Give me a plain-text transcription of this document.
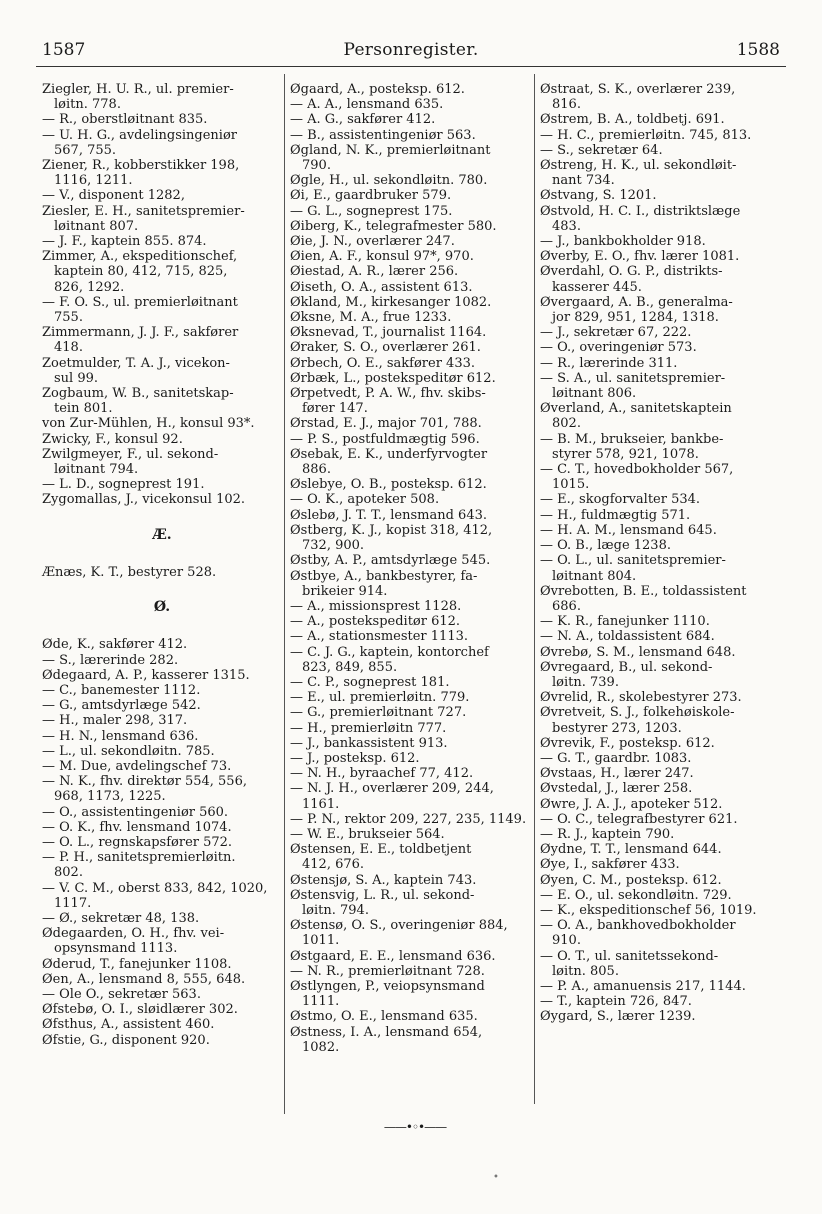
1587	Personregister.	1588
Ziegler, H. U. R., ul. premier-
løitn. 778.
— R., oberstløitnant 835.
— U. H. G., avdelingsingeniør
567, 755.
Ziener, R., kobberstikker 198,
1116, 1211.
— V., disponent 1282,
Ziesler, E. H., sanitetspremier-
løitnant 807.
— J. F., kaptein 855. 874.
Zimmer, A., ekspeditionschef,
kaptein 80, 412, 715, 825,
826, 1292.
— F. O. S., ul. premierløitnant
755.
Zimmermann, J. J. F., sakfører
418.
Zoetmulder, T. A. J., vicekon-
sul 99.
Zogbaum, W. B., sanitetskap-
tein 801.
von Zur-Mühlen, H., konsul 93*.
Zwicky, F., konsul 92.
Zwilgmeyer, F., ul. sekond-
løitnant 794.
— L. D., sogneprest 191.
Zygomallas, J., vicekonsul 102.
Æ.
Ænæs, K. T., bestyrer 528.
Ø.
Øde, K., sakfører 412.
— S., lærerinde 282.
Ødegaard, A. P., kasserer 1315.
— C., banemester 1112.
— G., amtsdyrlæge 542.
— H., maler 298, 317.
— H. N., lensmand 636.
— L., ul. sekondløitn. 785.
— M. Due, avdelingschef 73.
— N. K., fhv. direktør 554, 556,
968, 1173, 1225.
— O., assistentingeniør 560.
— O. K., fhv. lensmand 1074.
— O. L., regnskapsfører 572.
— P. H., sanitetspremierløitn.
802.
— V. C. M., oberst 833, 842, 1020,
1117.
— Ø., sekretær 48, 138.
Ødegaarden, O. H., fhv. vei-
opsynsmand 1113.
Øderud, T., fanejunker 1108.
Øen, A., lensmand 8, 555, 648.
— Ole O., sekretær 563.
Øfstebø, O. I., sløidlærer 302.
Øfsthus, A., assistent 460.
Øfstie, G., disponent 920.
Øgaard, A., posteksp. 612.
— A. A., lensmand 635.
— A. G., sakfører 412.
— B., assistentingeniør 563.
Øgland, N. K., premierløitnant
790.
Øgle, H., ul. sekondløitn. 780.
Øi, E., gaardbruker 579.
— G. L., sogneprest 175.
Øiberg, K., telegrafmester 580.
Øie, J. N., overlærer 247.
Øien, A. F., konsul 97*, 970.
Øiestad, A. R., lærer 256.
Øiseth, O. A., assistent 613.
Økland, M., kirkesanger 1082.
Øksne, M. A., frue 1233.
Øksnevad, T., journalist 1164.
Øraker, S. O., overlærer 261.
Ørbech, O. E., sakfører 433.
Ørbæk, L., postekspeditør 612.
Ørpetvedt, P. A. W., fhv. skibs-
fører 147.
Ørstad, E. J., major 701, 788.
— P. S., postfuldmægtig 596.
Øsebak, E. K., underfyrvogter
886.
Øslebye, O. B., posteksp. 612.
— O. K., apoteker 508.
Øslebø, J. T. T., lensmand 643.
Østberg, K. J., kopist 318, 412,
732, 900.
Østby, A. P., amtsdyrlæge 545.
Østbye, A., bankbestyrer, fa-
brikeier 914.
— A., missionsprest 1128.
— A., postekspeditør 612.
— A., stationsmester 1113.
— C. J. G., kaptein, kontorchef
823, 849, 855.
— C. P., sogneprest 181.
— E., ul. premierløitn. 779.
— G., premierløitnant 727.
— H., premierløitn 777.
— J., bankassistent 913.
— J., posteksp. 612.
— N. H., byraachef 77, 412.
— N. J. H., overlærer 209, 244,
1161.
— P. N., rektor 209, 227, 235, 1149.
— W. E., brukseier 564.
Østensen, E. E., toldbetjent
412, 676.
Østensjø, S. A., kaptein 743.
Østensvig, L. R., ul. sekond-
løitn. 794.
Østensø, O. S., overingeniør 884,
1011.
Østgaard, E. E., lensmand 636.
— N. R., premierløitnant 728.
Østlyngen, P., veiopsynsmand
1111.
Østmo, O. E., lensmand 635.
Østness, I. A., lensmand 654,
1082.
Østraat, S. K., overlærer 239,
816.
Østrem, B. A., toldbetj. 691.
— H. C., premierløitn. 745, 813.
— S., sekretær 64.
Østreng, H. K., ul. sekondløit-
nant 734.
Østvang, S. 1201.
Østvold, H. C. I., distriktslæge
483.
— J., bankbokholder 918.
Øverby, E. O., fhv. lærer 1081.
Øverdahl, O. G. P., distrikts-
kasserer 445.
Øvergaard, A. B., generalma-
jor 829, 951, 1284, 1318.
— J., sekretær 67, 222.
— O., overingeniør 573.
— R., lærerinde 311.
— S. A., ul. sanitetspremier-
løitnant 806.
Øverland, A., sanitetskaptein
802.
— B. M., brukseier, bankbe-
styrer 578, 921, 1078.
— C. T., hovedbokholder 567,
1015.
— E., skogforvalter 534.
— H., fuldmægtig 571.
— H. A. M., lensmand 645.
— O. B., læge 1238.
— O. L., ul. sanitetspremier-
løitnant 804.
Øvrebotten, B. E., toldassistent
686.
— K. R., fanejunker 1110.
— N. A., toldassistent 684.
Øvrebø, S. M., lensmand 648.
Øvregaard, B., ul. sekond-
løitn. 739.
Øvrelid, R., skolebestyrer 273.
Øvretveit, S. J., folkehøiskole-
bestyrer 273, 1203.
Øvrevik, F., posteksp. 612.
— G. T., gaardbr. 1083.
Øvstaas, H., lærer 247.
Øvstedal, J., lærer 258.
Øwre, J. A. J., apoteker 512.
— O. C., telegrafbestyrer 621.
— R. J., kaptein 790.
Øydne, T. T., lensmand 644.
Øye, I., sakfører 433.
Øyen, C. M., posteksp. 612.
— E. O., ul. sekondløitn. 729.
— K., ekspeditionschef 56, 1019.
— O. A., bankhovedbokholder
910.
— O. T., ul. sanitetssekond-
løitn. 805.
— P. A., amanuensis 217, 1144.
— T., kaptein 726, 847.
Øygard, S., lærer 1239.
——•◦•——
•
